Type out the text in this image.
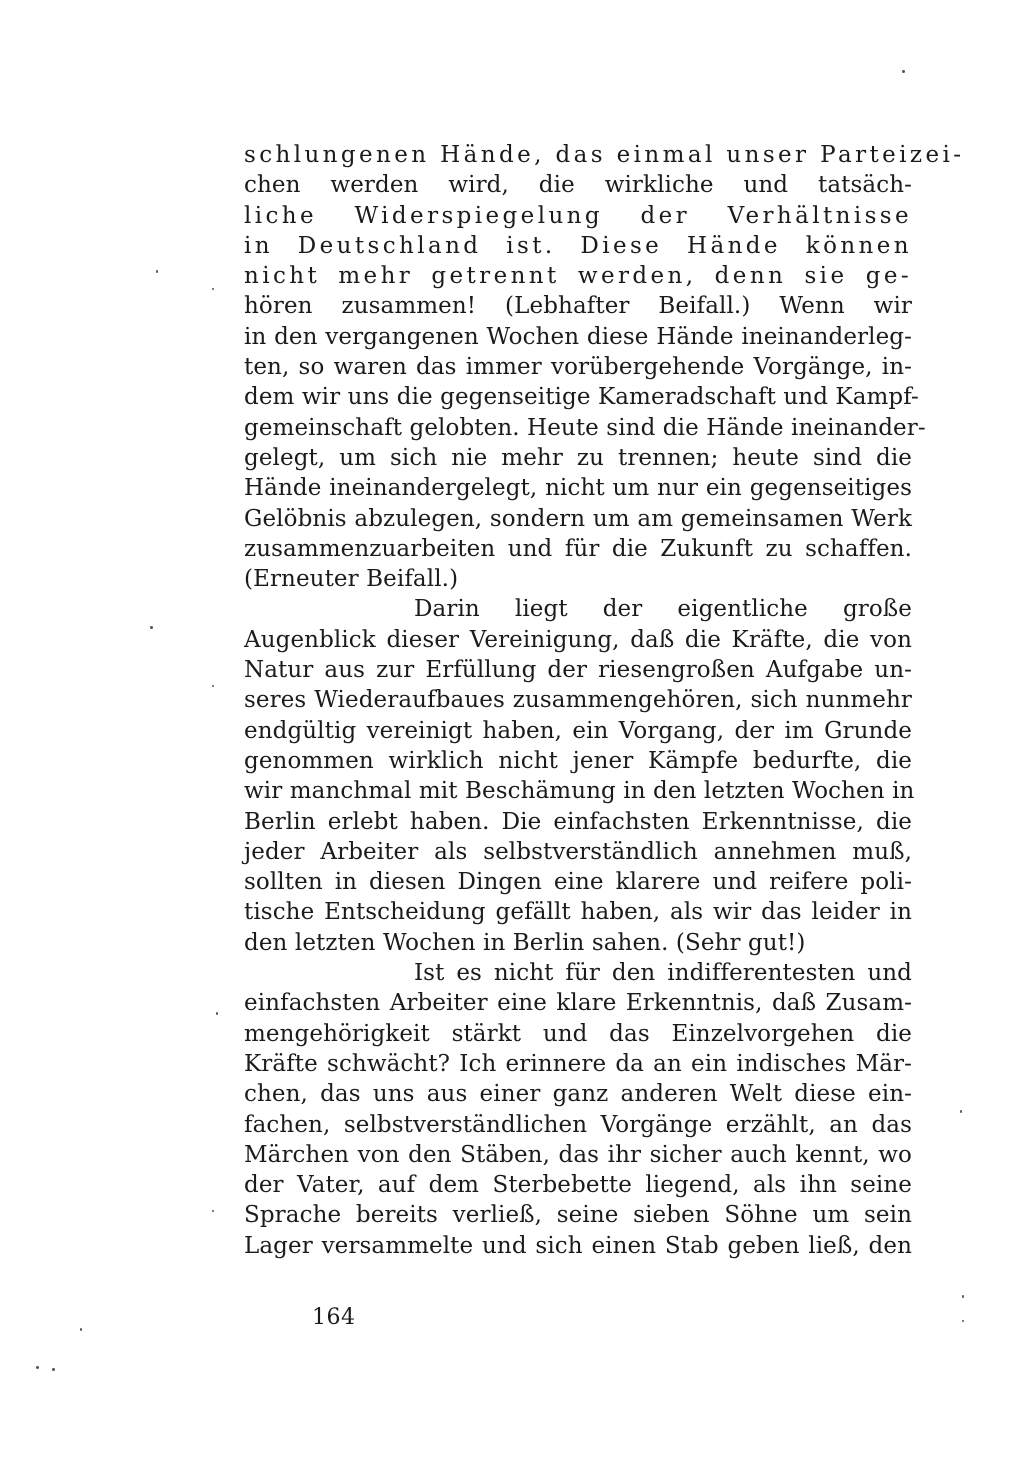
schlungenen Hände, das einmal unser Parteizei-
chen werden wird, die wirkliche und tatsäch-
liche Widerspiegelung der Verhältnisse
in Deutschland ist. Diese Hände können
nicht mehr getrennt werden, denn sie ge-
hören zusammen! (Lebhafter Beifall.) Wenn wir
in den vergangenen Wochen diese Hände ineinanderleg-
ten, so waren das immer vorübergehende Vorgänge, in-
dem wir uns die gegenseitige Kameradschaft und Kampf-
gemeinschaft gelobten. Heute sind die Hände ineinander-
gelegt, um sich nie mehr zu trennen; heute sind die
Hände ineinandergelegt, nicht um nur ein gegenseitiges
Gelöbnis abzulegen, sondern um am gemeinsamen Werk
zusammenzuarbeiten und für die Zukunft zu schaffen.
(Erneuter Beifall.)
Darin liegt der eigentliche große
Augenblick dieser Vereinigung, daß die Kräfte, die von
Natur aus zur Erfüllung der riesengroßen Aufgabe un-
seres Wiederaufbaues zusammengehören, sich nunmehr
endgültig vereinigt haben, ein Vorgang, der im Grunde
genommen wirklich nicht jener Kämpfe bedurfte, die
wir manchmal mit Beschämung in den letzten Wochen in
Berlin erlebt haben. Die einfachsten Erkenntnisse, die
jeder Arbeiter als selbstverständlich annehmen muß,
sollten in diesen Dingen eine klarere und reifere poli-
tische Entscheidung gefällt haben, als wir das leider in
den letzten Wochen in Berlin sahen. (Sehr gut!)
Ist es nicht für den indifferentesten und
einfachsten Arbeiter eine klare Erkenntnis, daß Zusam-
mengehörigkeit stärkt und das Einzelvorgehen die
Kräfte schwächt? Ich erinnere da an ein indisches Mär-
chen, das uns aus einer ganz anderen Welt diese ein-
fachen, selbstverständlichen Vorgänge erzählt, an das
Märchen von den Stäben, das ihr sicher auch kennt, wo
der Vater, auf dem Sterbebette liegend, als ihn seine
Sprache bereits verließ, seine sieben Söhne um sein
Lager versammelte und sich einen Stab geben ließ, den
164
